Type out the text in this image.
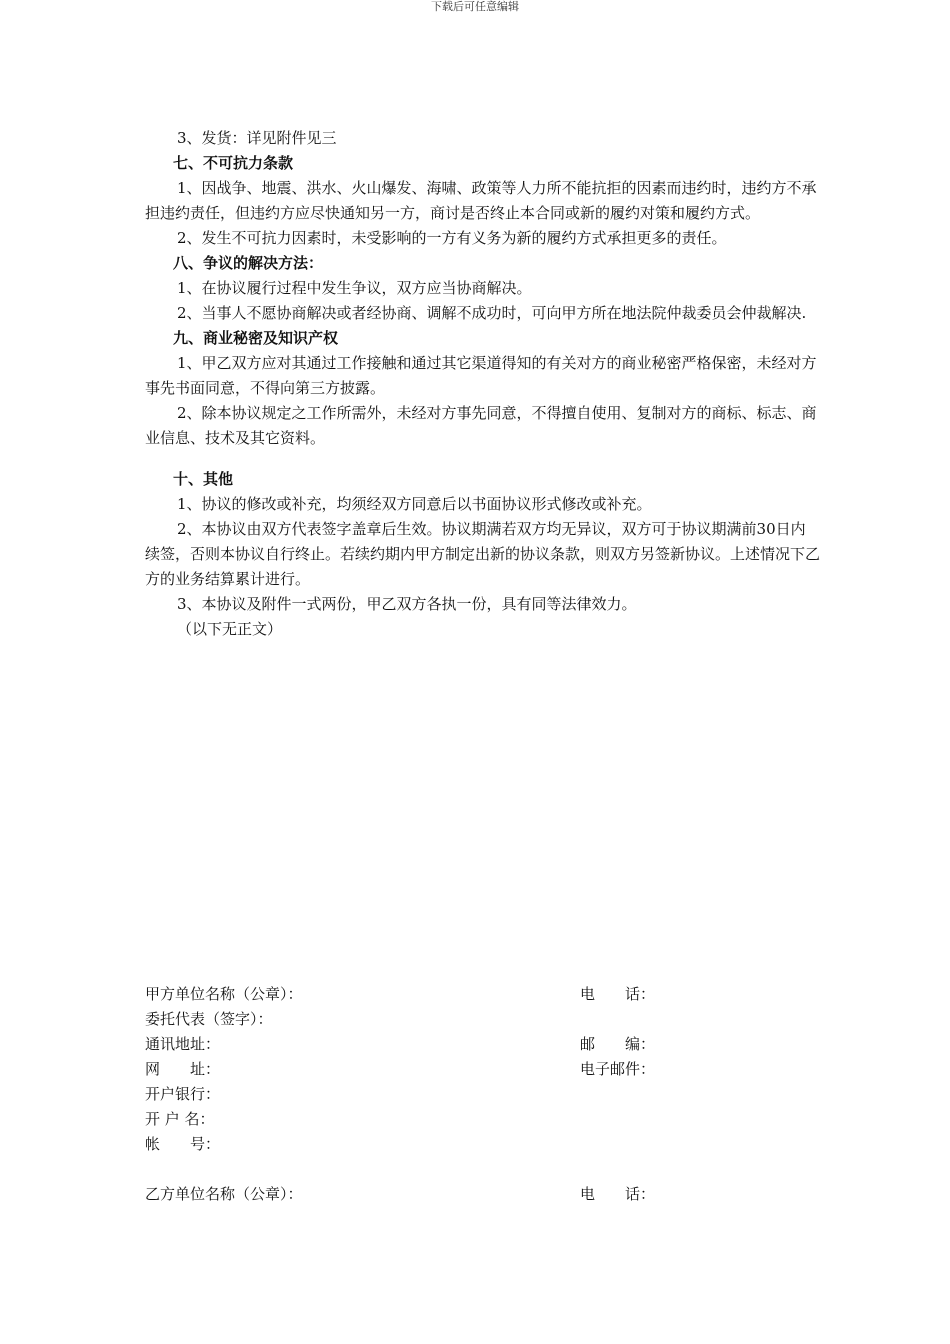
下载后可任意编辑

3、发货：详见附件见三

七、不可抗力条款

1、因战争、地震、洪水、火山爆发、海啸、政策等人力所不能抗拒的因素而违约时，违约方不承担违约责任，但违约方应尽快通知另一方，商讨是否终止本合同或新的履约对策和履约方式。

2、发生不可抗力因素时，未受影响的一方有义务为新的履约方式承担更多的责任。

八、争议的解决方法：

1、在协议履行过程中发生争议，双方应当协商解决。

2、当事人不愿协商解决或者经协商、调解不成功时，可向甲方所在地法院仲裁委员会仲裁解决.

九、商业秘密及知识产权

1、甲乙双方应对其通过工作接触和通过其它渠道得知的有关对方的商业秘密严格保密，未经对方事先书面同意，不得向第三方披露。

2、除本协议规定之工作所需外，未经对方事先同意，不得擅自使用、复制对方的商标、标志、商业信息、技术及其它资料。

十、其他

1、协议的修改或补充，均须经双方同意后以书面协议形式修改或补充。

2、本协议由双方代表签字盖章后生效。协议期满若双方均无异议，双方可于协议期满前30日内续签，否则本协议自行终止。若续约期内甲方制定出新的协议条款，则双方另签新协议。上述情况下乙方的业务结算累计进行。

3、本协议及附件一式两份，甲乙双方各执一份，具有同等法律效力。

（以下无正文）

甲方单位名称（公章）：	电　　话：
委托代表（签字）：
通讯地址：	邮　　编：
网　　址：	电子邮件：
开户银行：
开 户 名：
帐　　号：
乙方单位名称（公章）：	电　　话：
